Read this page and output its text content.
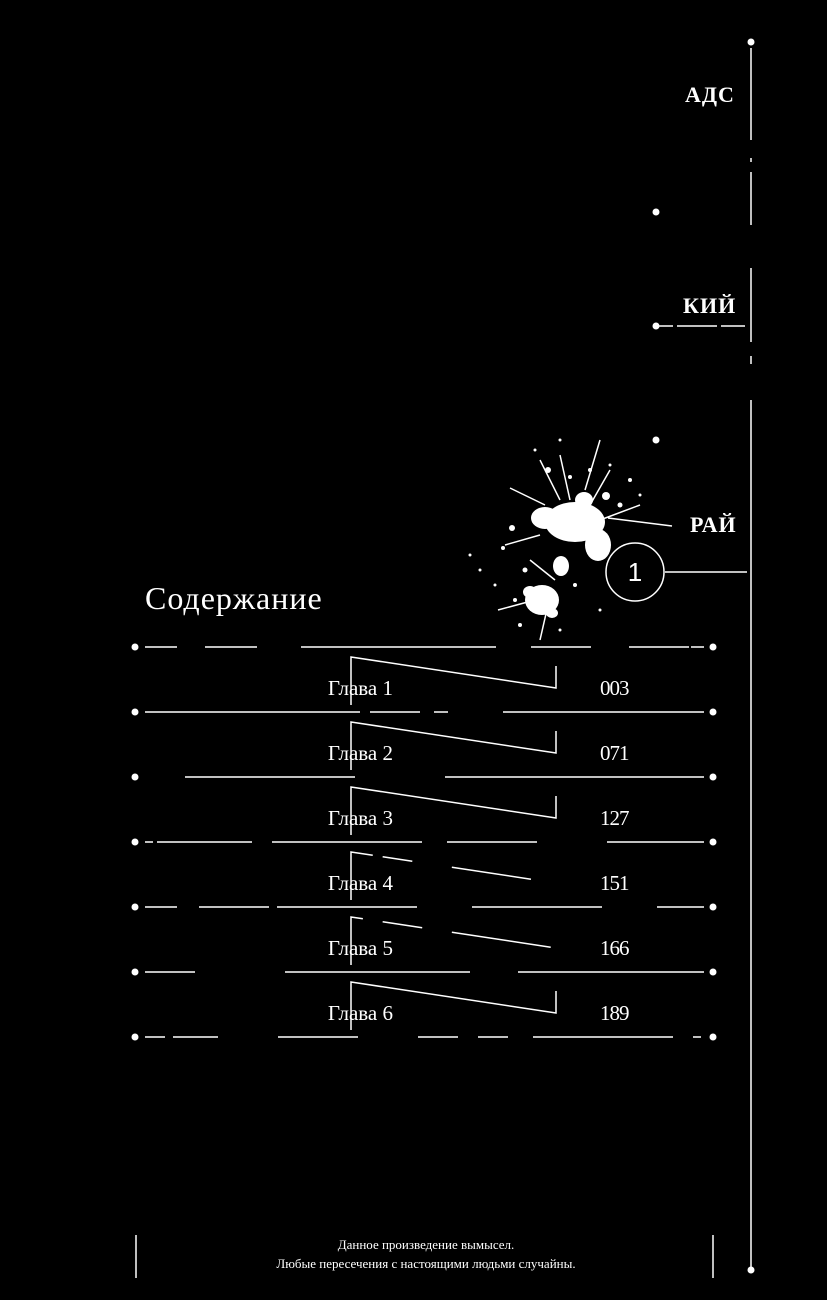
АДС
КИЙ
РАЙ
1
Содержание
Глава 1	003
Глава 2	071
Глава 3	127
Глава 4	151
Глава 5	166
Глава 6	189
Данное произведение вымысел.
Любые пересечения с настоящими людьми случайны.
